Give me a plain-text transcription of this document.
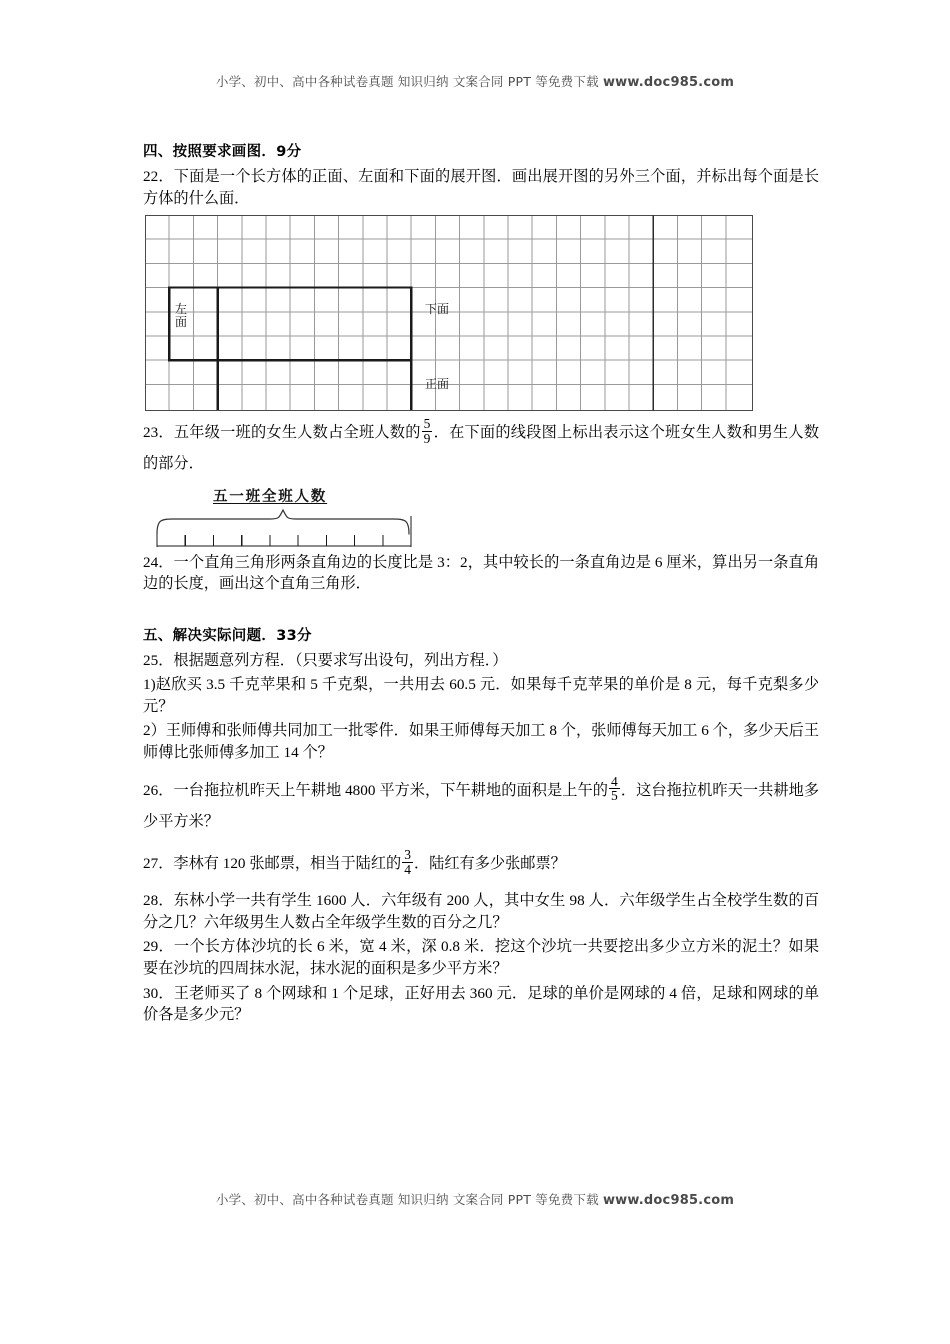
小学、初中、高中各种试卷真题 知识归纳 文案合同 PPT 等免费下载 www.doc985.com
四、按照要求画图．9分

22．下面是一个长方体的正面、左面和下面的展开图．画出展开图的另外三个面，并标出每个面是长方体的什么面．

左面
下面
正面

23．五年级一班的女生人数占全班人数的 $\frac{5}{9}$ ．在下面的线段图上标出表示这个班女生人数和男生人数的部分．

五一班全班人数

24．一个直角三角形两条直角边的长度比是 3：2，其中较长的一条直角边是 6 厘米，算出另一条直角边的长度，画出这个直角三角形．

五、解决实际问题．33分

25．根据题意列方程．（只要求写出设句，列出方程．）

1)赵欣买 3.5 千克苹果和 5 千克梨，一共用去 60.5 元．如果每千克苹果的单价是 8 元，每千克梨多少元？

2）王师傅和张师傅共同加工一批零件．如果王师傅每天加工 8 个，张师傅每天加工 6 个，多少天后王师傅比张师傅多加工 14 个？

26．一台拖拉机昨天上午耕地 4800 平方米，下午耕地的面积是上午的 $\frac{4}{5}$ ．这台拖拉机昨天一共耕地多少平方米？

27．李林有 120 张邮票，相当于陆红的 $\frac{3}{4}$ ．陆红有多少张邮票？

28．东林小学一共有学生 1600 人．六年级有 200 人，其中女生 98 人．六年级学生占全校学生数的百分之几？六年级男生人数占全年级学生数的百分之几？

29．一个长方体沙坑的长 6 米，宽 4 米，深 0.8 米．挖这个沙坑一共要挖出多少立方米的泥土？如果要在沙坑的四周抹水泥，抹水泥的面积是多少平方米？

30．王老师买了 8 个网球和 1 个足球，正好用去 360 元．足球的单价是网球的 4 倍，足球和网球的单价各是多少元？

小学、初中、高中各种试卷真题 知识归纳 文案合同 PPT 等免费下载 www.doc985.com
